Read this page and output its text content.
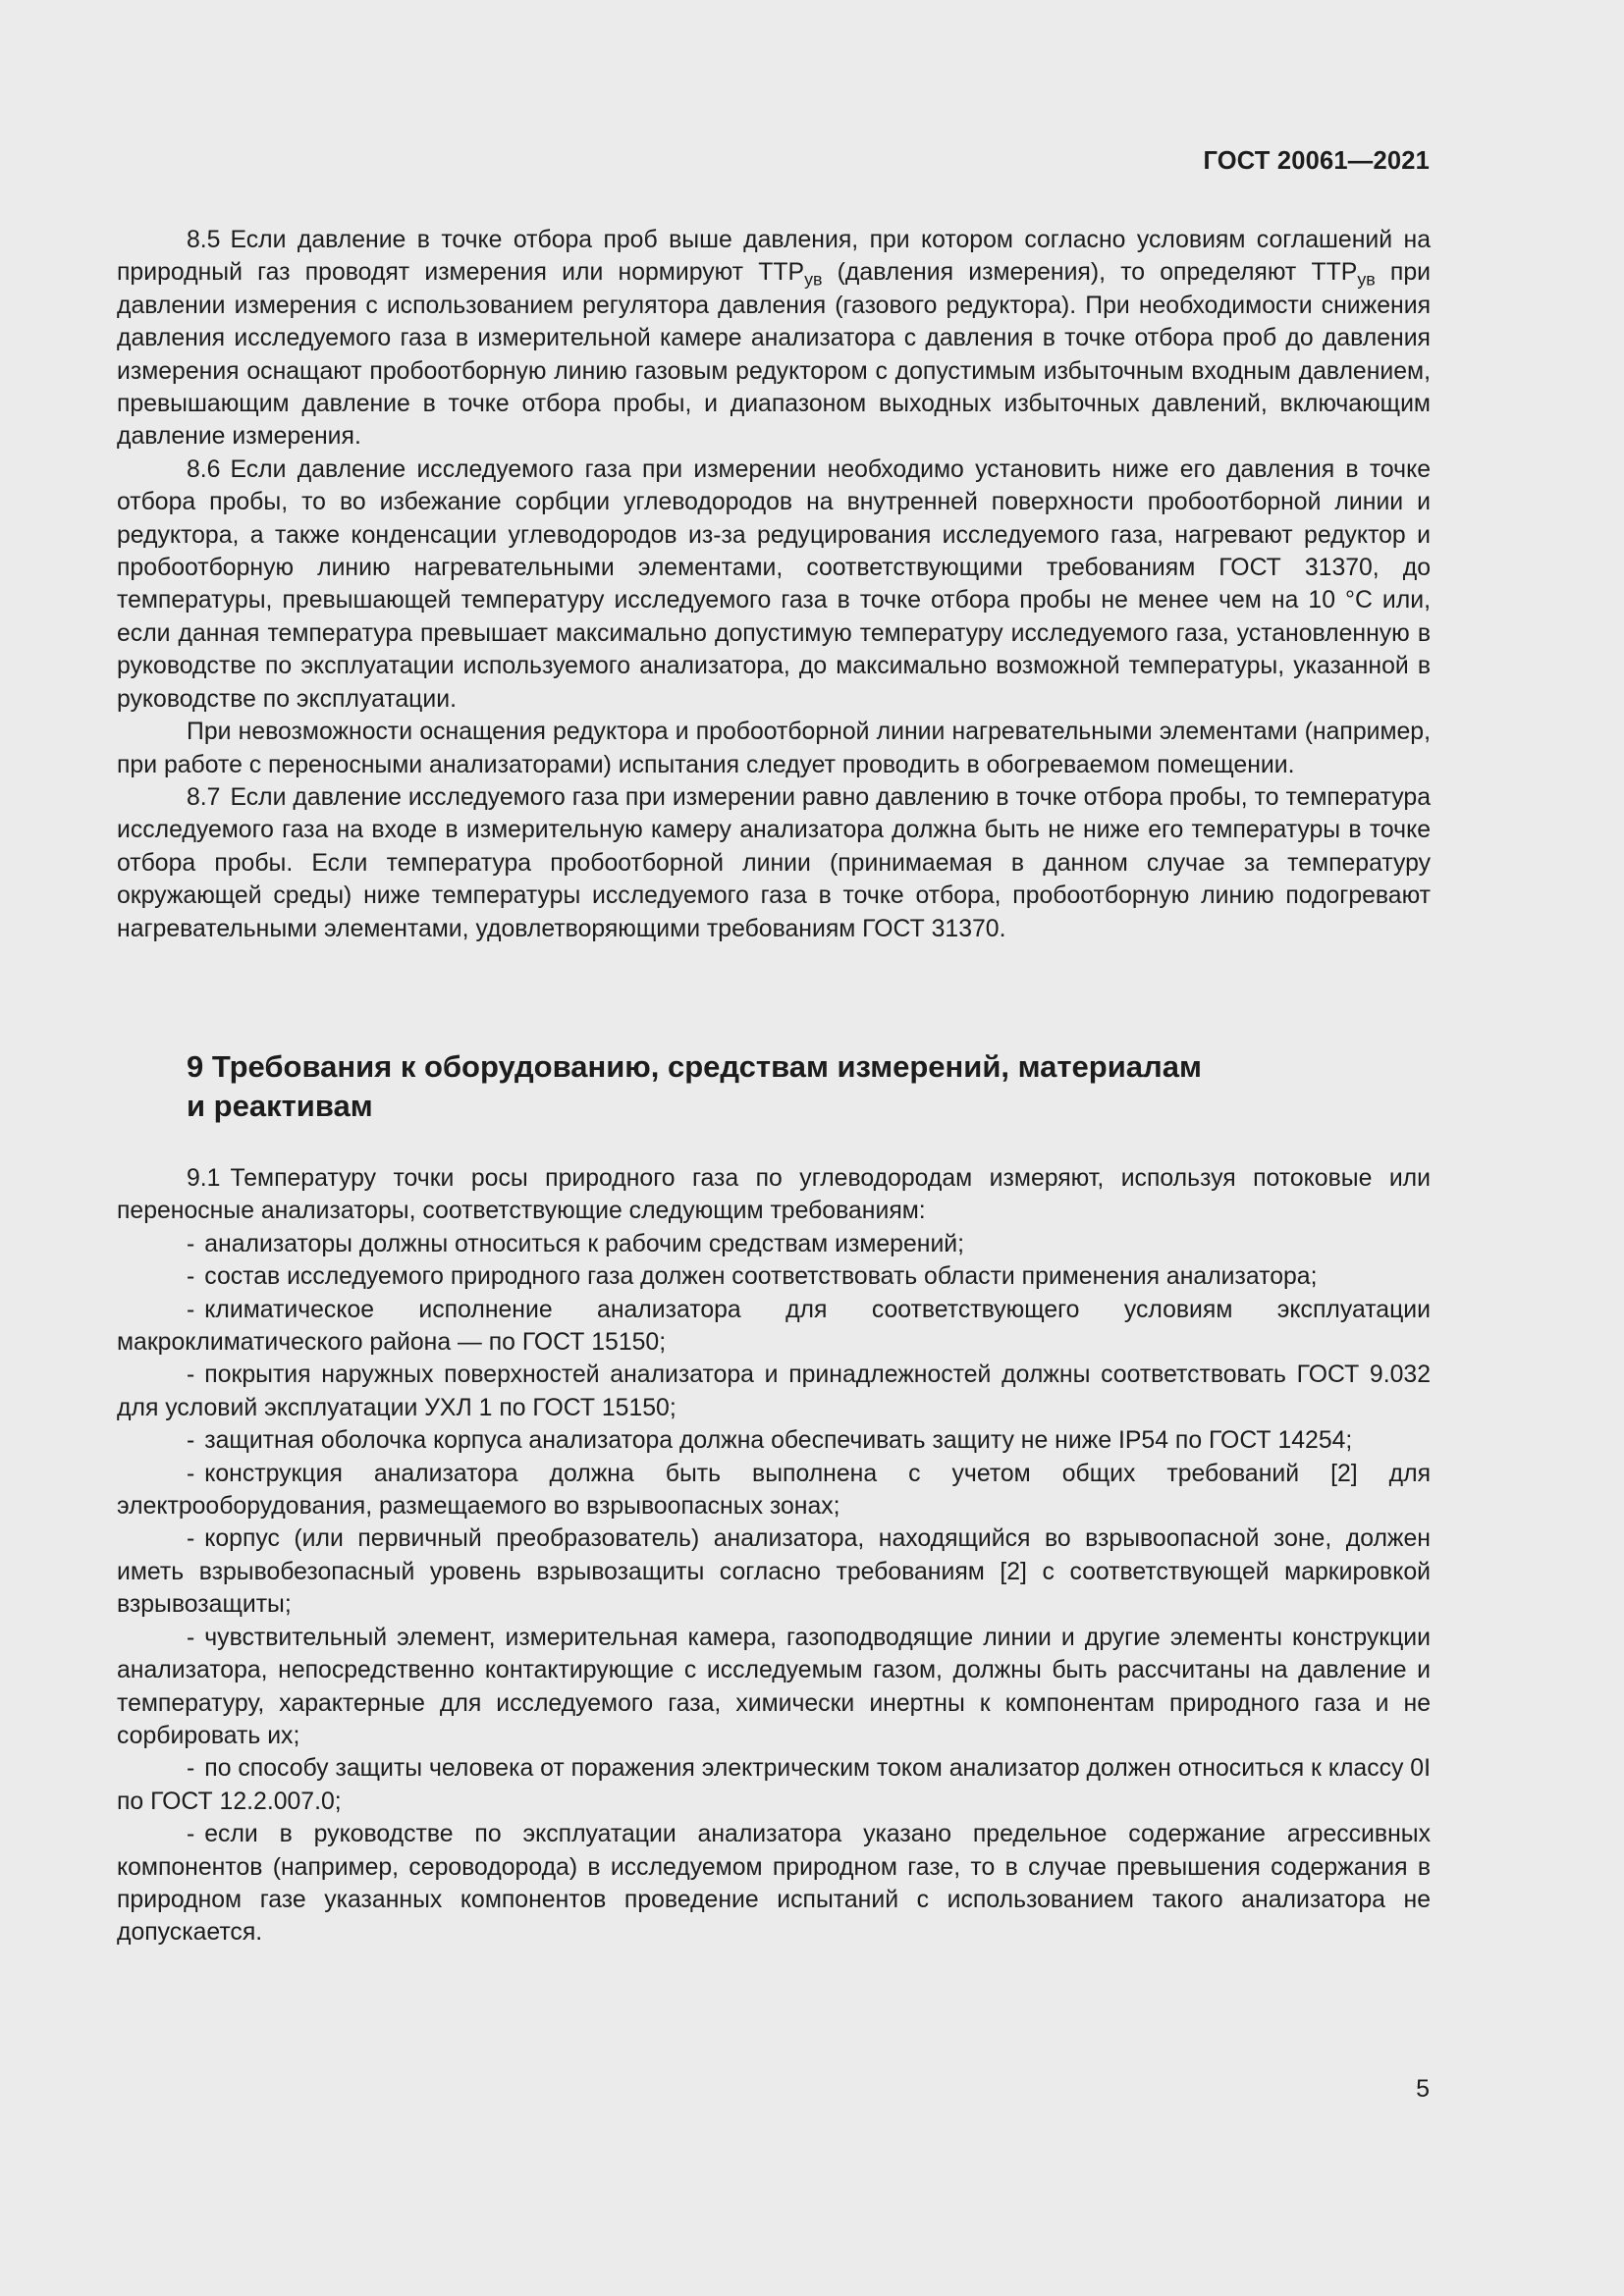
ГОСТ 20061—2021

8.5 Если давление в точке отбора проб выше давления, при котором согласно условиям соглашений на природный газ проводят измерения или нормируют $ТТР_{ув}$ (давления измерения), то определяют $ТТР_{ув}$ при давлении измерения с использованием регулятора давления (газового редуктора). При необходимости снижения давления исследуемого газа в измерительной камере анализатора с давления в точке отбора проб до давления измерения оснащают пробоотборную линию газовым редуктором с допустимым избыточным входным давлением, превышающим давление в точке отбора пробы, и диапазоном выходных избыточных давлений, включающим давление измерения.

8.6 Если давление исследуемого газа при измерении необходимо установить ниже его давления в точке отбора пробы, то во избежание сорбции углеводородов на внутренней поверхности пробоотборной линии и редуктора, а также конденсации углеводородов из-за редуцирования исследуемого газа, нагревают редуктор и пробоотборную линию нагревательными элементами, соответствующими требованиям ГОСТ 31370, до температуры, превышающей температуру исследуемого газа в точке отбора пробы не менее чем на 10 °С или, если данная температура превышает максимально допустимую температуру исследуемого газа, установленную в руководстве по эксплуатации используемого анализатора, до максимально возможной температуры, указанной в руководстве по эксплуатации.

При невозможности оснащения редуктора и пробоотборной линии нагревательными элементами (например, при работе с переносными анализаторами) испытания следует проводить в обогреваемом помещении.

8.7 Если давление исследуемого газа при измерении равно давлению в точке отбора пробы, то температура исследуемого газа на входе в измерительную камеру анализатора должна быть не ниже его температуры в точке отбора пробы. Если температура пробоотборной линии (принимаемая в данном случае за температуру окружающей среды) ниже температуры исследуемого газа в точке отбора, пробоотборную линию подогревают нагревательными элементами, удовлетворяющими требованиям ГОСТ 31370.

9 Требования к оборудованию, средствам измерений, материалам
и реактивам

9.1 Температуру точки росы природного газа по углеводородам измеряют, используя потоковые или переносные анализаторы, соответствующие следующим требованиям:

- анализаторы должны относиться к рабочим средствам измерений;

- состав исследуемого природного газа должен соответствовать области применения анализатора;

- климатическое исполнение анализатора для соответствующего условиям эксплуатации макроклиматического района — по ГОСТ 15150;

- покрытия наружных поверхностей анализатора и принадлежностей должны соответствовать ГОСТ 9.032 для условий эксплуатации УХЛ 1 по ГОСТ 15150;

- защитная оболочка корпуса анализатора должна обеспечивать защиту не ниже IP54 по ГОСТ 14254;

- конструкция анализатора должна быть выполнена с учетом общих требований [2] для электрооборудования, размещаемого во взрывоопасных зонах;

- корпус (или первичный преобразователь) анализатора, находящийся во взрывоопасной зоне, должен иметь взрывобезопасный уровень взрывозащиты согласно требованиям [2] с соответствующей маркировкой взрывозащиты;

- чувствительный элемент, измерительная камера, газоподводящие линии и другие элементы конструкции анализатора, непосредственно контактирующие с исследуемым газом, должны быть рассчитаны на давление и температуру, характерные для исследуемого газа, химически инертны к компонентам природного газа и не сорбировать их;

- по способу защиты человека от поражения электрическим током анализатор должен относиться к классу 0I по ГОСТ 12.2.007.0;

- если в руководстве по эксплуатации анализатора указано предельное содержание агрессивных компонентов (например, сероводорода) в исследуемом природном газе, то в случае превышения содержания в природном газе указанных компонентов проведение испытаний с использованием такого анализатора не допускается.

5
